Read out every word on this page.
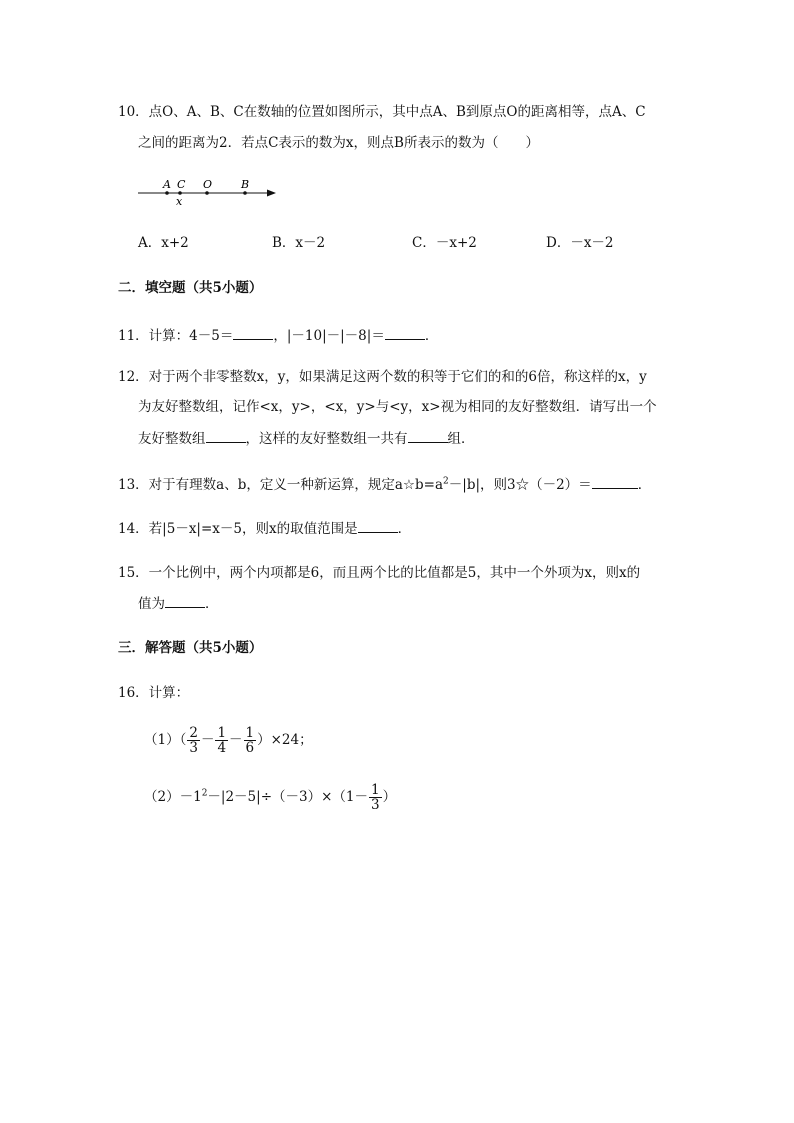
10．点O、A、B、C在数轴的位置如图所示，其中点A、B到原点O的距离相等，点A、C
之间的距离为2．若点C表示的数为x，则点B所表示的数为（　　）
A C O	B
x
A．x+2	B．x－2	C．－x+2	D．－x－2
二．填空题（共5小题）
11．计算：4－5＝	，|－10|－|－8|＝	．
12．对于两个非零整数x，y，如果满足这两个数的积等于它们的和的6倍，称这样的x，y
为友好整数组，记作<x，y>，<x，y>与<y，x>视为相同的友好整数组．请写出一个
友好整数组	，这样的友好整数组一共有	组．
13．对于有理数a、b，定义一种新运算，规定$a☆b=a^2-|b|$，则3☆（－2）＝	．
14．若|5－x|=x－5，则x的取值范围是	．
15．一个比例中，两个内项都是6，而且两个比的比值都是5，其中一个外项为x，则x的
值为	．
三．解答题（共5小题）
16．计算：
$(1)( \frac{2}{3} - \frac{1}{4} - \frac{1}{6} )\times 24$；
$(2)-1^2-|2-5|\div(-3)\times(1- \frac{1}{3}$ ）
